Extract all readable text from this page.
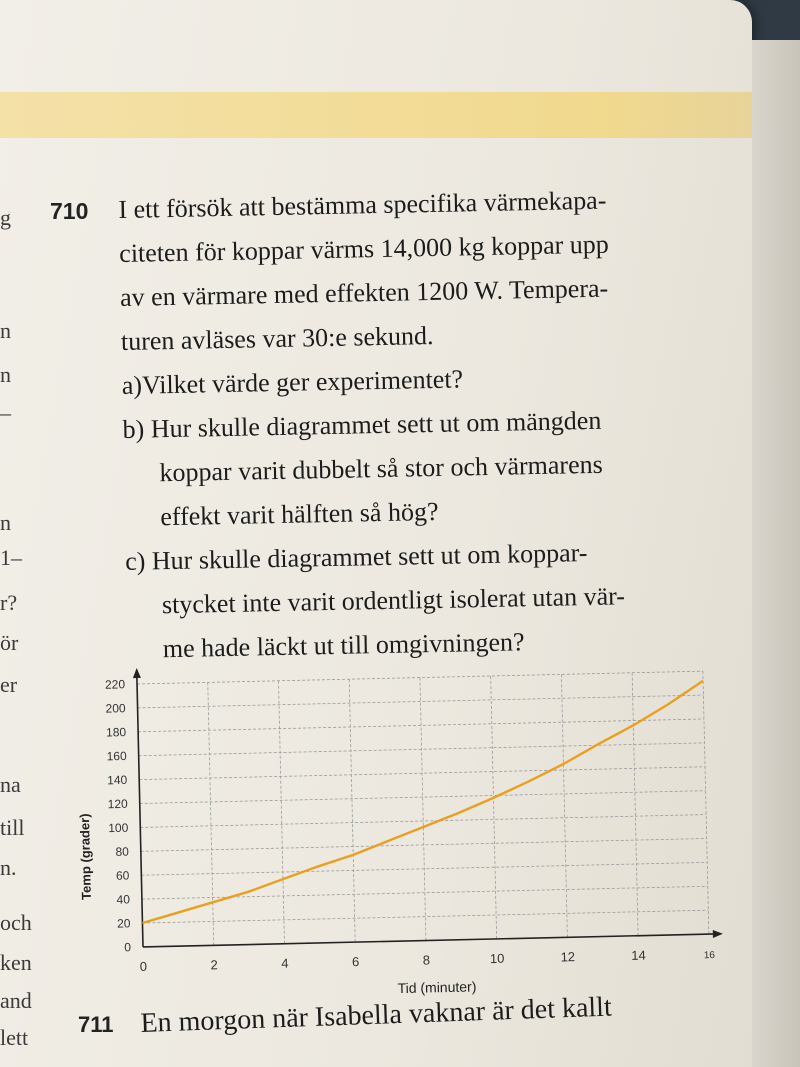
g
n
n
–
n
1–
r?
ör
er
na
till
n.
och
ken
and
lett
710 I ett försök att bestämma specifika värmekapa-
citeten för koppar värms 14,000 kg koppar upp
av en värmare med effekten 1200 W. Tempera-
turen avläses var 30:e sekund.
a)Vilket värde ger experimentet?
b) Hur skulle diagrammet sett ut om mängden
koppar varit dubbelt så stor och värmarens
effekt varit hälften så hög?
c) Hur skulle diagrammet sett ut om koppar-
stycket inte varit ordentligt isolerat utan vär-
me hade läckt ut till omgivningen?
0
20
40
60
80
100
120
140
160
180
200
220
0	2	4	6	8	10	12	14	16
Tid (minuter)
Temp (grader)
711 En morgon när Isabella vaknar är det kallt
